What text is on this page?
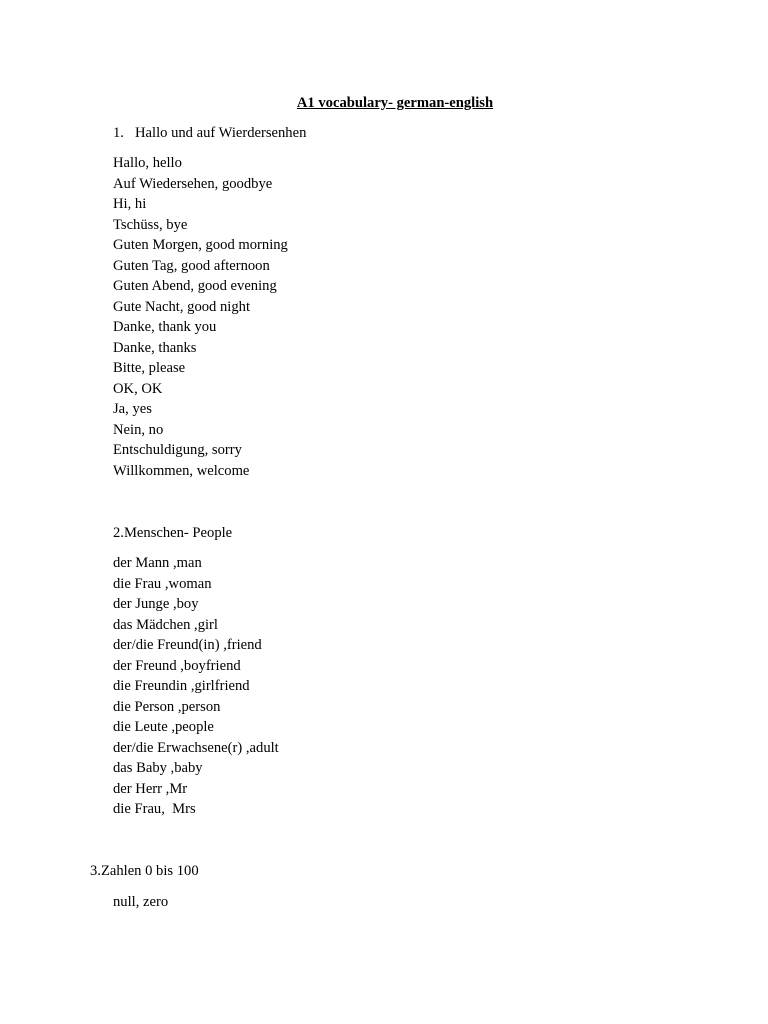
A1 vocabulary- german-english
1. Hallo und auf Wierdersenhen
Hallo, hello
Auf Wiedersehen, goodbye
Hi, hi
Tschüss, bye
Guten Morgen, good morning
Guten Tag, good afternoon
Guten Abend, good evening
Gute Nacht, good night
Danke, thank you
Danke, thanks
Bitte, please
OK, OK
Ja, yes
Nein, no
Entschuldigung, sorry
Willkommen, welcome
2.Menschen- People
der Mann ,man
die Frau ,woman
der Junge ,boy
das Mädchen ,girl
der/die Freund(in) ,friend
der Freund ,boyfriend
die Freundin ,girlfriend
die Person ,person
die Leute ,people
der/die Erwachsene(r) ,adult
das Baby ,baby
der Herr ,Mr
die Frau,  Mrs
3.Zahlen 0 bis 100
null, zero
